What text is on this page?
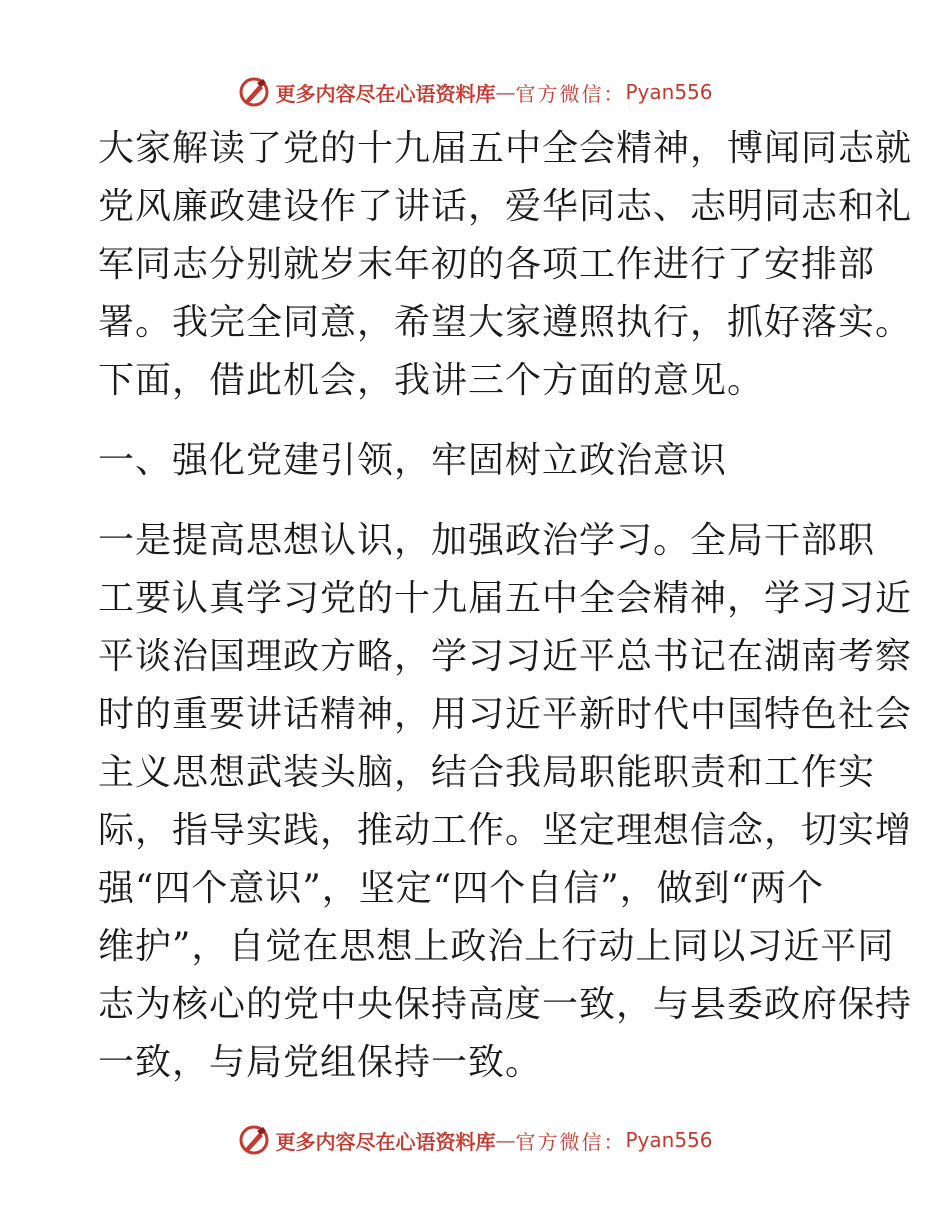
更多内容尽在心语资料库 — 官方微信： Pyan556
大家解读了党的十九届五中全会精神，博闻同志就
党风廉政建设作了讲话，爱华同志、志明同志和礼
军同志分别就岁末年初的各项工作进行了安排部
署。我完全同意，希望大家遵照执行，抓好落实。
下面，借此机会，我讲三个方面的意见。
一、强化党建引领，牢固树立政治意识
一是提高思想认识，加强政治学习。全局干部职
工要认真学习党的十九届五中全会精神，学习习近
平谈治国理政方略，学习习近平总书记在湖南考察
时的重要讲话精神，用习近平新时代中国特色社会
主义思想武装头脑，结合我局职能职责和工作实
际，指导实践，推动工作。坚定理想信念，切实增
强“四个意识”，坚定“四个自信”，做到“两个
维护”，自觉在思想上政治上行动上同以习近平同
志为核心的党中央保持高度一致，与县委政府保持
一致，与局党组保持一致。
更多内容尽在心语资料库 — 官方微信： Pyan556
